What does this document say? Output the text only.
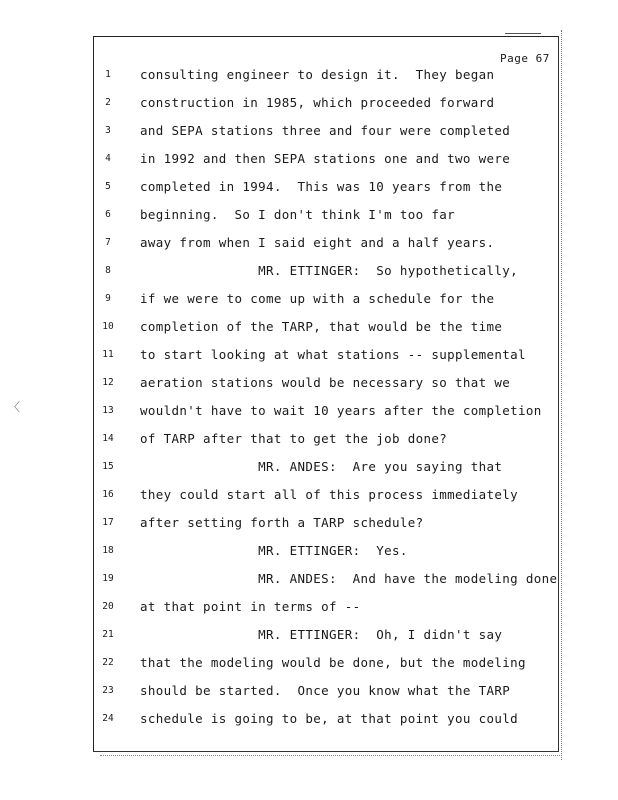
〈
Page 67
1	consulting engineer to design it.  They began
2	construction in 1985, which proceeded forward
3	and SEPA stations three and four were completed
4	in 1992 and then SEPA stations one and two were
5	completed in 1994.  This was 10 years from the
6	beginning.  So I don't think I'm too far
7	away from when I said eight and a half years.
8	MR. ETTINGER:  So hypothetically,
9	if we were to come up with a schedule for the
10	completion of the TARP, that would be the time
11	to start looking at what stations -- supplemental
12	aeration stations would be necessary so that we
13	wouldn't have to wait 10 years after the completion
14	of TARP after that to get the job done?
15	MR. ANDES:  Are you saying that
16	they could start all of this process immediately
17	after setting forth a TARP schedule?
18	MR. ETTINGER:  Yes.
19	MR. ANDES:  And have the modeling done
20	at that point in terms of --
21	MR. ETTINGER:  Oh, I didn't say
22	that the modeling would be done, but the modeling
23	should be started.  Once you know what the TARP
24	schedule is going to be, at that point you could
